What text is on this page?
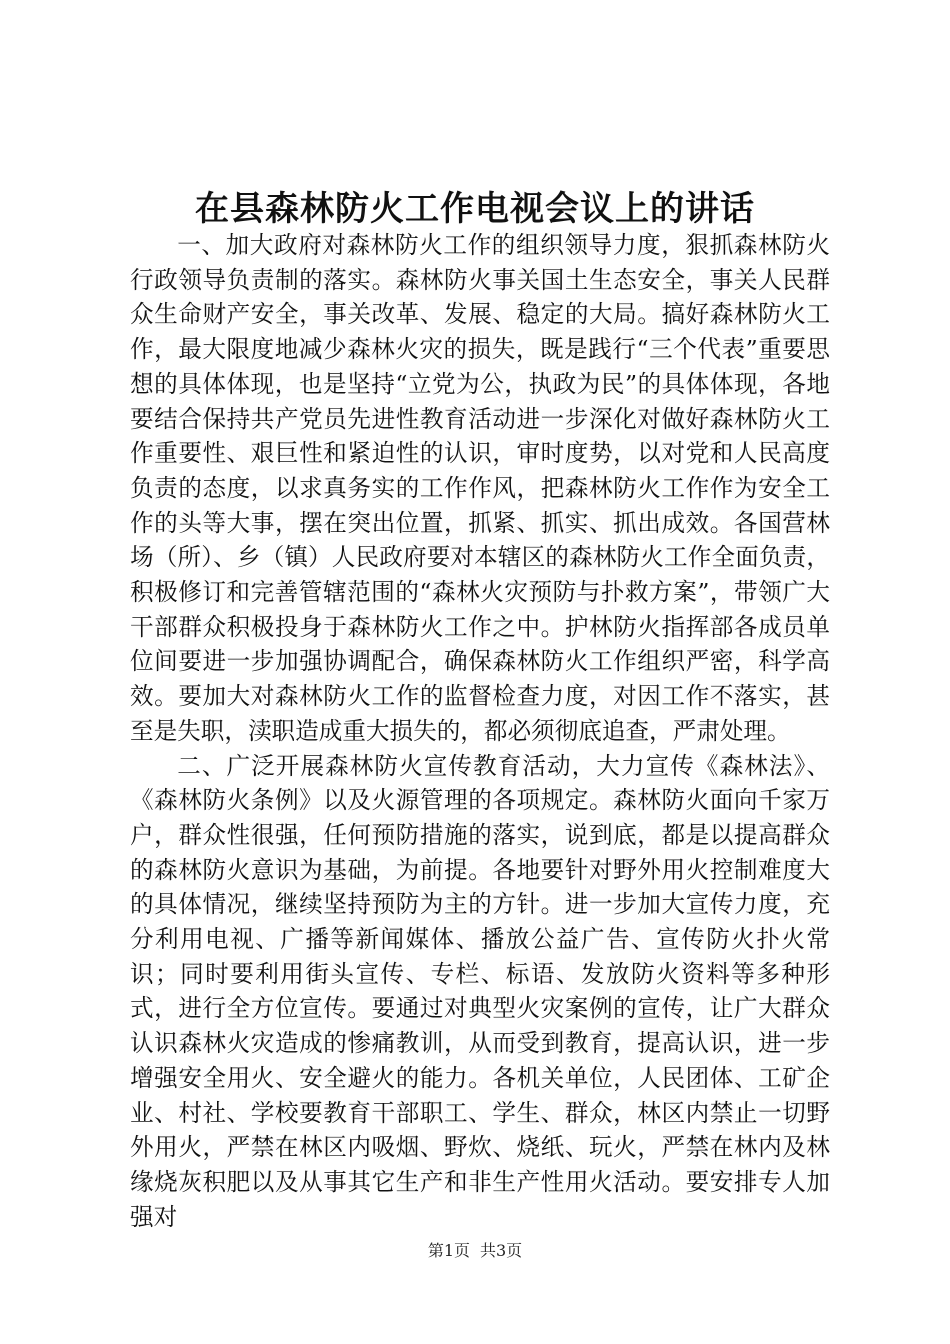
在县森林防火工作电视会议上的讲话

一、加大政府对森林防火工作的组织领导力度，狠抓森林防火行政领导负责制的落实。森林防火事关国土生态安全，事关人民群众生命财产安全，事关改革、发展、稳定的大局。搞好森林防火工作，最大限度地减少森林火灾的损失，既是践行“三个代表”重要思想的具体体现，也是坚持“立党为公，执政为民”的具体体现，各地要结合保持共产党员先进性教育活动进一步深化对做好森林防火工作重要性、艰巨性和紧迫性的认识，审时度势，以对党和人民高度负责的态度，以求真务实的工作作风，把森林防火工作作为安全工作的头等大事，摆在突出位置，抓紧、抓实、抓出成效。各国营林场（所）、乡（镇）人民政府要对本辖区的森林防火工作全面负责，积极修订和完善管辖范围的“森林火灾预防与扑救方案”，带领广大干部群众积极投身于森林防火工作之中。护林防火指挥部各成员单位间要进一步加强协调配合，确保森林防火工作组织严密，科学高效。要加大对森林防火工作的监督检查力度，对因工作不落实，甚至是失职，渎职造成重大损失的，都必须彻底追查，严肃处理。

二、广泛开展森林防火宣传教育活动，大力宣传《森林法》、《森林防火条例》以及火源管理的各项规定。森林防火面向千家万户，群众性很强，任何预防措施的落实，说到底，都是以提高群众的森林防火意识为基础，为前提。各地要针对野外用火控制难度大的具体情况，继续坚持预防为主的方针。进一步加大宣传力度，充分利用电视、广播等新闻媒体、播放公益广告、宣传防火扑火常识；同时要利用街头宣传、专栏、标语、发放防火资料等多种形式，进行全方位宣传。要通过对典型火灾案例的宣传，让广大群众认识森林火灾造成的惨痛教训，从而受到教育，提高认识，进一步增强安全用火、安全避火的能力。各机关单位，人民团体、工矿企业、村社、学校要教育干部职工、学生、群众，林区内禁止一切野外用火，严禁在林区内吸烟、野炊、烧纸、玩火，严禁在林内及林缘烧灰积肥以及从事其它生产和非生产性用火活动。要安排专人加强对

第1页 共3页
